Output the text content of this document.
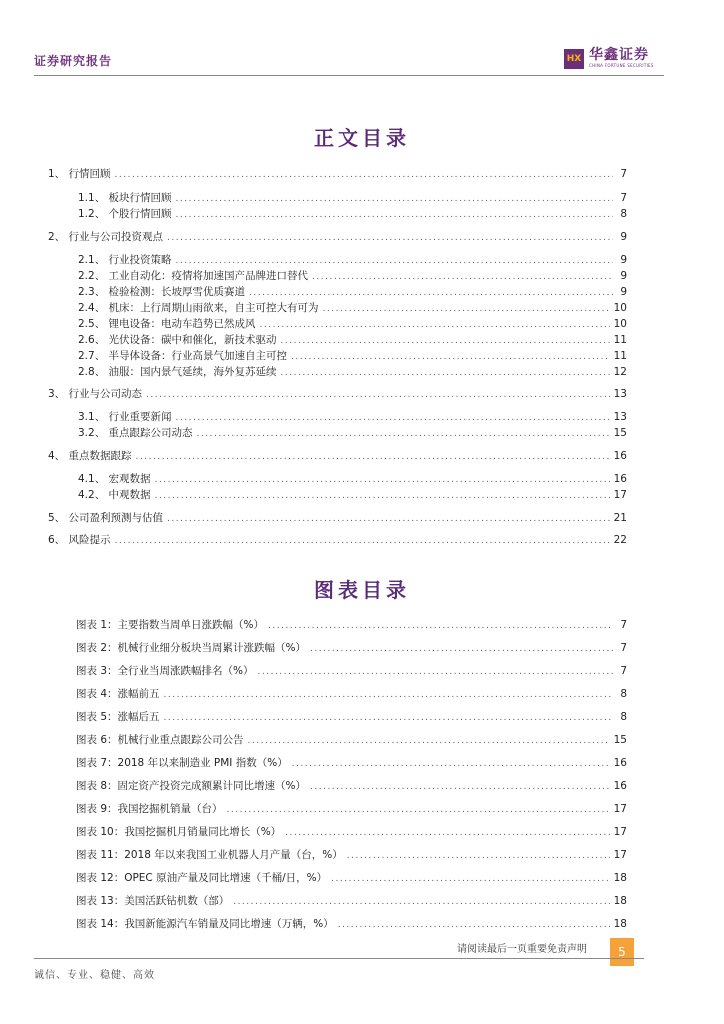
证券研究报告	HX 华鑫证券
CHINA FORTUNE SECURITIES
正文目录
1、 行情回顾 .....	7
1.1、 板块行情回顾 .....	7
1.2、 个股行情回顾 .....	8
2、 行业与公司投资观点 .....	9
2.1、 行业投资策略 .....	9
2.2、 工业自动化：疫情将加速国产品牌进口替代 .....	9
2.3、 检验检测：长坡厚雪优质赛道 .....	9
2.4、 机床：上行周期山雨欲来，自主可控大有可为 .....	10
2.5、 锂电设备：电动车趋势已然成风 .....	10
2.6、 光伏设备：碳中和催化，新技术驱动 .....	11
2.7、 半导体设备：行业高景气加速自主可控 .....	11
2.8、 油服：国内景气延续，海外复苏延续 .....	12
3、 行业与公司动态 .....	13
3.1、 行业重要新闻 .....	13
3.2、 重点跟踪公司动态 .....	15
4、 重点数据跟踪 .....	16
4.1、 宏观数据 .....	16
4.2、 中观数据 .....	17
5、 公司盈利预测与估值 .....	21
6、 风险提示 .....	22
图表目录
图表 1：主要指数当周单日涨跌幅（%） .....	7
图表 2：机械行业细分板块当周累计涨跌幅（%） .....	7
图表 3：全行业当周涨跌幅排名（%） .....	7
图表 4：涨幅前五 .....	8
图表 5：涨幅后五 .....	8
图表 6：机械行业重点跟踪公司公告 .....	15
图表 7：2018 年以来制造业 PMI 指数（%） .....	16
图表 8：固定资产投资完成额累计同比增速（%） .....	16
图表 9：我国挖掘机销量（台） .....	17
图表 10：我国挖掘机月销量同比增长（%） .....	17
图表 11：2018 年以来我国工业机器人月产量（台，%） .....	17
图表 12：OPEC 原油产量及同比增速（千桶/日，%） .....	18
图表 13：美国活跃钻机数（部） .....	18
图表 14：我国新能源汽车销量及同比增速（万辆，%） .....	18
请阅读最后一页重要免责声明	5
诚信、专业、稳健、高效
